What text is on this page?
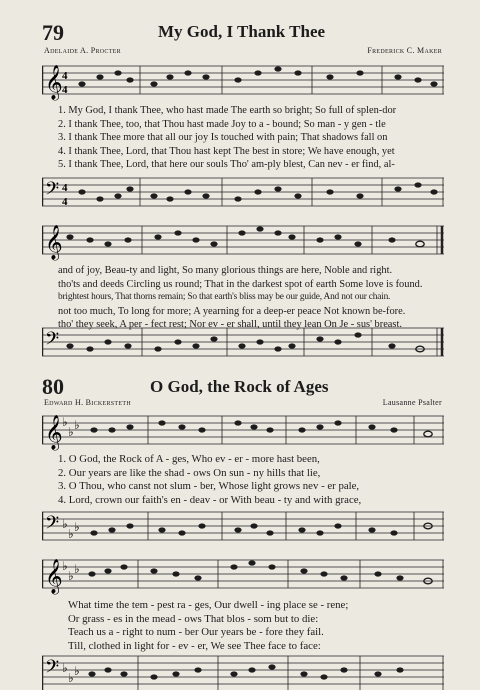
79	My God, I Thank Thee
Adelaide A. Procter	Frederick C. Maker
𝄞 4
4
1. My God, I thank Thee, who hast made The earth so bright; So full of splen-dor
2. I thank Thee, too, that Thou hast made Joy to a - bound; So man - y gen - tle
3. I thank Thee more that all our joy Is touched with pain; That shadows fall on
4. I thank Thee, Lord, that Thou hast kept The best in store; We have enough, yet
5. I thank Thee, Lord, that here our souls Tho' am-ply blest, Can nev - er find, al-
𝄢 4
4
𝄞
and of joy, Beau-ty and light, So many glorious things are here, Noble and right.
tho'ts and deeds Circling us round; That in the darkest spot of earth Some love is found.
brightest hours, That thorns remain; So that earth's bliss may be our guide, And not our chain.
not too much, To long for more; A yearning for a deep-er peace Not known be-fore.
tho' they seek, A per - fect rest; Nor ev - er shall, until they lean On Je - sus' breast.
𝄢
80	O God, the Rock of Ages
Edward H. Bickersteth	Lausanne Psalter
𝄞 ♭
♭ ♭
1. O God, the Rock of A - ges, Who ev - er - more hast been,
2. Our years are like the shad - ows On sun - ny hills that lie,
3. O Thou, who canst not slum - ber, Whose light grows nev - er pale,
4. Lord, crown our faith's en - deav - or With beau - ty and with grace,
𝄢 ♭
♭ ♭
𝄞 ♭
♭ ♭
What time the tem - pest ra - ges, Our dwell - ing place se - rene;
Or grass - es in the mead - ows That blos - som but to die:
Teach us a - right to num - ber Our years be - fore they fail.
Till, clothed in light for - ev - er, We see Thee face to face:
𝄢 ♭
♭ ♭
